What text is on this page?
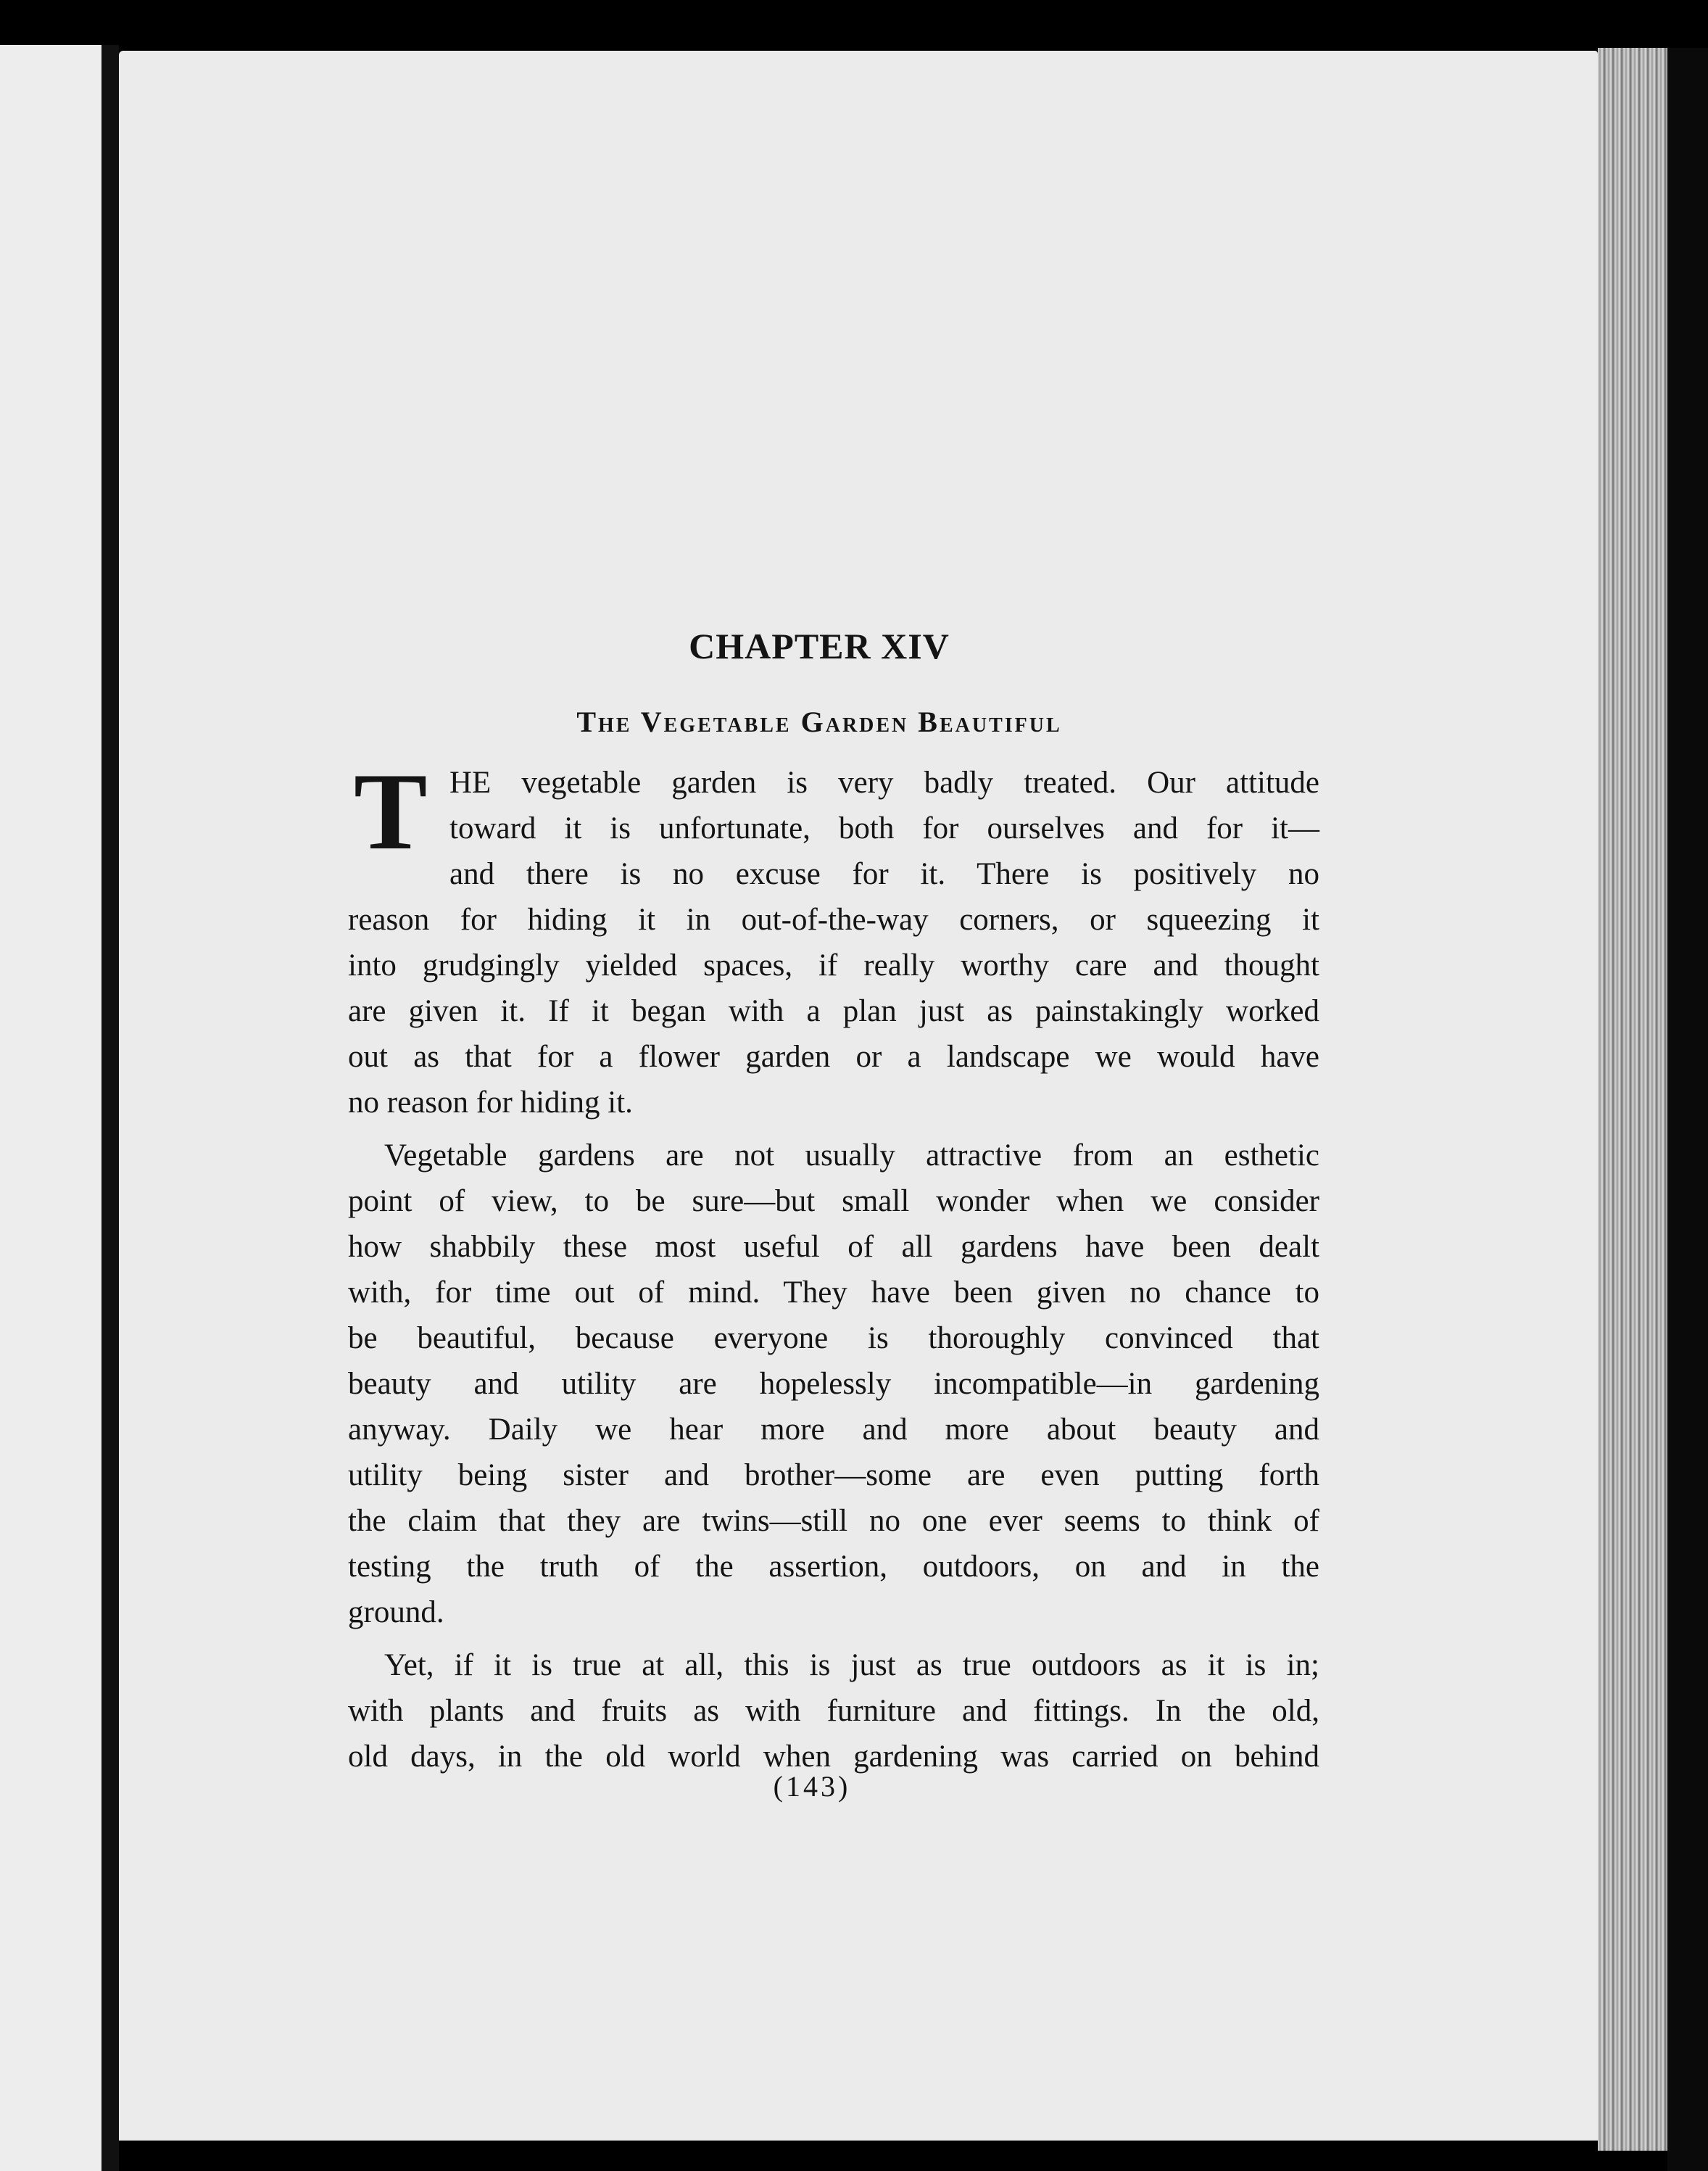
CHAPTER XIV
The Vegetable Garden Beautiful
T HE vegetable garden is very badly treated. Our attitude
toward it is unfortunate, both for ourselves and for it—
and there is no excuse for it. There is positively no
reason for hiding it in out-of-the-way corners, or squeezing it
into grudgingly yielded spaces, if really worthy care and thought
are given it. If it began with a plan just as painstakingly worked
out as that for a flower garden or a landscape we would have
no reason for hiding it.
Vegetable gardens are not usually attractive from an esthetic
point of view, to be sure—but small wonder when we consider
how shabbily these most useful of all gardens have been dealt
with, for time out of mind. They have been given no chance to
be beautiful, because everyone is thoroughly convinced that
beauty and utility are hopelessly incompatible—in gardening
anyway. Daily we hear more and more about beauty and
utility being sister and brother—some are even putting forth
the claim that they are twins—still no one ever seems to think of
testing the truth of the assertion, outdoors, on and in the
ground.
Yet, if it is true at all, this is just as true outdoors as it is in;
with plants and fruits as with furniture and fittings. In the old,
old days, in the old world when gardening was carried on behind
(143)
